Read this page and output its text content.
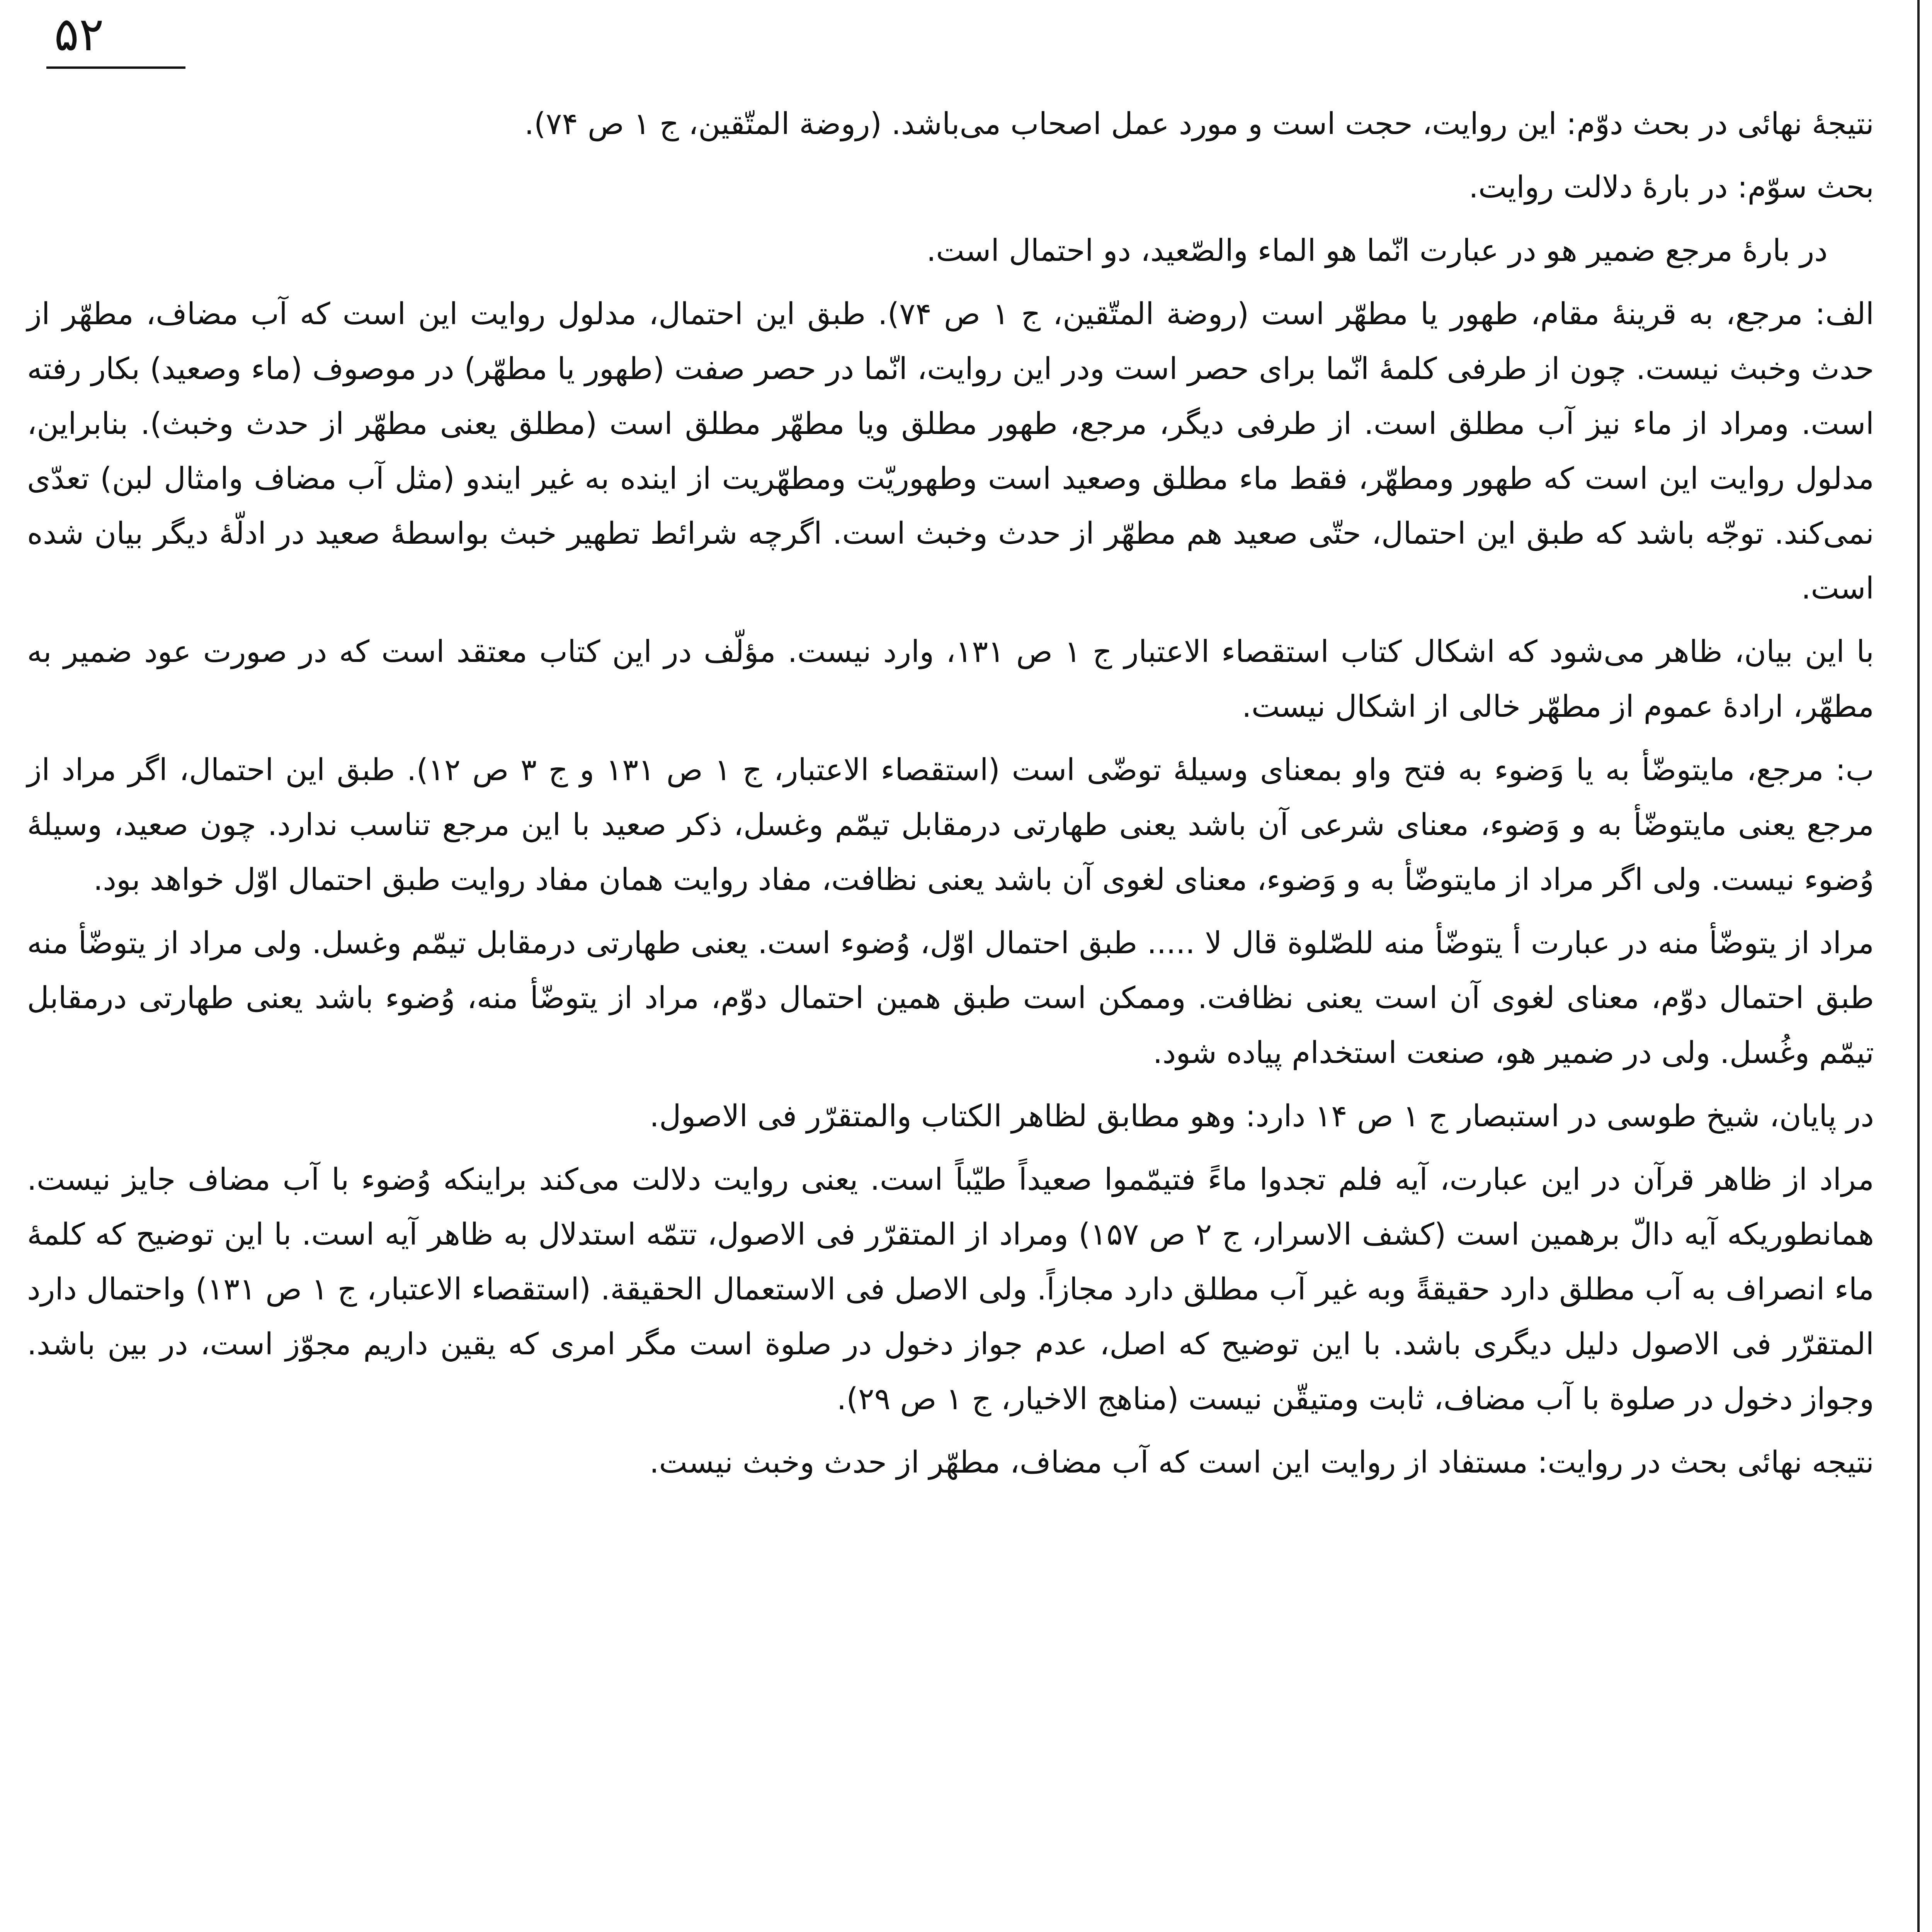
۵۲

نتیجهٔ نهائی در بحث دوّم: این روایت، حجت است و مورد عمل اصحاب می‌باشد. (روضة المتّقین، ج ۱ ص ۷۴).

بحث سوّم: در بارهٔ دلالت روایت.

در بارهٔ مرجع ضمیر هو در عبارت انّما هو الماء والصّعید، دو احتمال است.

الف: مرجع، به قرینهٔ مقام، طهور یا مطهّر است (روضة المتّقین، ج ۱ ص ۷۴). طبق این احتمال، مدلول روایت این است که آب مضاف، مطهّر از حدث وخبث نیست. چون از طرفی کلمهٔ انّما برای حصر است ودر این روایت، انّما در حصر صفت (طهور یا مطهّر) در موصوف (ماء وصعید) بکار رفته است. ومراد از ماء نیز آب مطلق است. از طرفی دیگر، مرجع، طهور مطلق ویا مطهّر مطلق است (مطلق یعنی مطهّر از حدث وخبث). بنابراین، مدلول روایت این است که طهور ومطهّر، فقط ماء مطلق وصعید است وطهوریّت ومطهّریت از اینده به غیر ایندو (مثل آب مضاف وامثال لبن) تعدّی نمی‌کند. توجّه باشد که طبق این احتمال، حتّی صعید هم مطهّر از حدث وخبث است. اگرچه شرائط تطهیر خبث بواسطهٔ صعید در ادلّهٔ دیگر بیان شده است.

با این بیان، ظاهر می‌شود که اشکال کتاب استقصاء الاعتبار ج ۱ ص ۱۳۱، وارد نیست. مؤلّف در این کتاب معتقد است که در صورت عود ضمیر به مطهّر، ارادهٔ عموم از مطهّر خالی از اشکال نیست.

ب: مرجع، مایتوضّأ به یا وَضوء به فتح واو بمعنای وسیلهٔ توضّی است (استقصاء الاعتبار، ج ۱ ص ۱۳۱ و ج ۳ ص ۱۲). طبق این احتمال، اگر مراد از مرجع یعنی مایتوضّأ به و وَضوء، معنای شرعی آن باشد یعنی طهارتی درمقابل تیمّم وغسل، ذکر صعید با این مرجع تناسب ندارد. چون صعید، وسیلهٔ وُضوء نیست. ولی اگر مراد از مایتوضّأ به و وَضوء، معنای لغوی آن باشد یعنی نظافت، مفاد روایت همان مفاد روایت طبق احتمال اوّل خواهد بود.

مراد از یتوضّأ منه در عبارت أ یتوضّأ منه للصّلوة قال لا ..... طبق احتمال اوّل، وُضوء است. یعنی طهارتی درمقابل تیمّم وغسل. ولی مراد از یتوضّأ منه طبق احتمال دوّم، معنای لغوی آن است یعنی نظافت. وممکن است طبق همین احتمال دوّم، مراد از یتوضّأ منه، وُضوء باشد یعنی طهارتی درمقابل تیمّم وغُسل. ولی در ضمیر هو، صنعت استخدام پیاده شود.

در پایان، شیخ طوسی در استبصار ج ۱ ص ۱۴ دارد: وهو مطابق لظاهر الکتاب والمتقرّر فی الاصول.

مراد از ظاهر قرآن در این عبارت، آیه فلم تجدوا ماءً فتیمّموا صعیداً طیّباً است. یعنی روایت دلالت می‌کند براینکه وُضوء با آب مضاف جایز نیست. همانطوریکه آیه دالّ برهمین است (کشف الاسرار، ج ۲ ص ۱۵۷) ومراد از المتقرّر فی الاصول، تتمّه استدلال به ظاهر آیه است. با این توضیح که کلمهٔ ماء انصراف به آب مطلق دارد حقیقةً وبه غیر آب مطلق دارد مجازاً. ولی الاصل فی الاستعمال الحقیقة. (استقصاء الاعتبار، ج ۱ ص ۱۳۱) واحتمال دارد المتقرّر فی الاصول دلیل دیگری باشد. با این توضیح که اصل، عدم جواز دخول در صلوة است مگر امری که یقین داریم مجوّز است، در بین باشد. وجواز دخول در صلوة با آب مضاف، ثابت ومتیقّن نیست (مناهج الاخیار، ج ۱ ص ۲۹).

نتیجه نهائی بحث در روایت: مستفاد از روایت این است که آب مضاف، مطهّر از حدث وخبث نیست.
